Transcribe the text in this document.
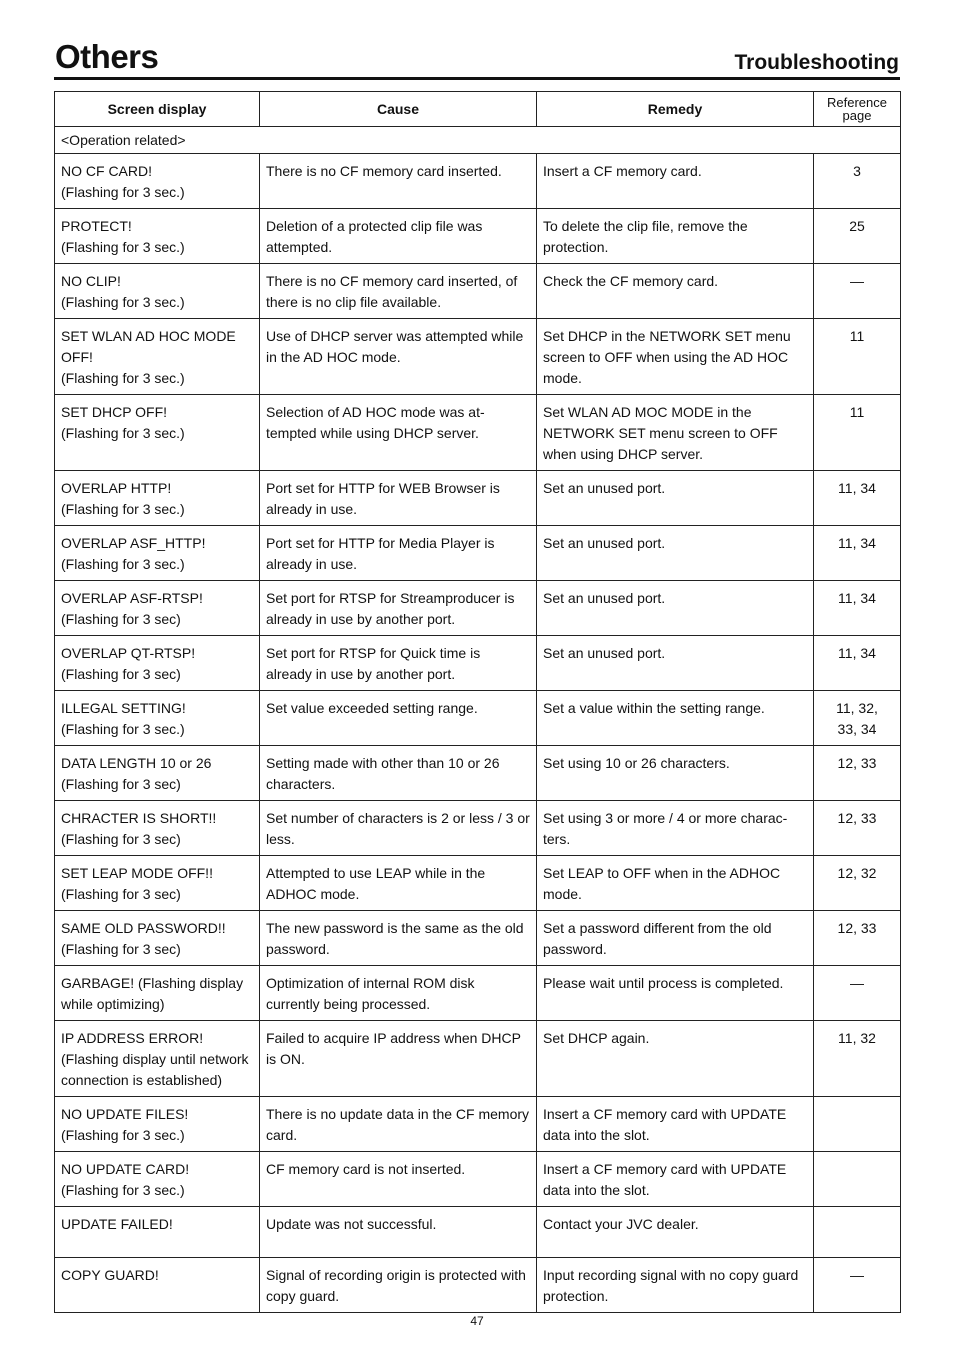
Others	Troubleshooting
Screen display	Cause	Remedy	Reference
page
<Operation related>			
NO CF CARD!
(Flashing for 3 sec.)	There is no CF memory card inserted.	Insert a CF memory card.	3
PROTECT!
(Flashing for 3 sec.)	Deletion of a protected clip file was attempted.	To delete the clip file, remove the protection.	25
NO CLIP!
(Flashing for 3 sec.)	There is no CF memory card inserted, of there is no clip file available.	Check the CF memory card.	—
SET WLAN AD HOC MODE OFF!
(Flashing for 3 sec.)	Use of DHCP server was attempted while in the AD HOC mode.	Set DHCP in the NETWORK SET menu screen to OFF when using the AD HOC mode.	11
SET DHCP OFF!
(Flashing for 3 sec.)	Selection of AD HOC mode was at-tempted while using DHCP server.	Set WLAN AD MOC MODE in the NETWORK SET menu screen to OFF when using DHCP server.	11
OVERLAP HTTP!
(Flashing for 3 sec.)	Port set for HTTP for WEB Browser is already in use.	Set an unused port.	11, 34
OVERLAP ASF_HTTP!
(Flashing for 3 sec.)	Port set for HTTP for Media Player is already in use.	Set an unused port.	11, 34
OVERLAP ASF-RTSP!
(Flashing for 3 sec)	Set port for RTSP for Streamproducer is already in use by another port.	Set an unused port.	11, 34
OVERLAP QT-RTSP!
(Flashing for 3 sec)	Set port for RTSP for Quick time is already in use by another port.	Set an unused port.	11, 34
ILLEGAL SETTING!
(Flashing for 3 sec.)	Set value exceeded setting range.	Set a value within the setting range.	11, 32,
33, 34
DATA LENGTH 10 or 26
(Flashing for 3 sec)	Setting made with other than 10 or 26 characters.	Set using 10 or 26 characters.	12, 33
CHRACTER IS SHORT!!
(Flashing for 3 sec)	Set number of characters is 2 or less / 3 or less.	Set using 3 or more / 4 or more charac-ters.	12, 33
SET LEAP MODE OFF!!
(Flashing for 3 sec)	Attempted to use LEAP while in the ADHOC mode.	Set LEAP to OFF when in the ADHOC mode.	12, 32
SAME OLD PASSWORD!!
(Flashing for 3 sec)	The new password is the same as the old password.	Set a password different from the old password.	12, 33
GARBAGE! (Flashing display while optimizing)	Optimization of internal ROM disk currently being processed.	Please wait until process is completed.	—
IP ADDRESS ERROR!
(Flashing display until network connection is established)	Failed to acquire IP address when DHCP is ON.	Set DHCP again.	11, 32
NO UPDATE FILES!
(Flashing for 3 sec.)	There is no update data in the CF memory card.	Insert a CF memory card with UPDATE data into the slot.	
NO UPDATE CARD!
(Flashing for 3 sec.)	CF memory card is not inserted.	Insert a CF memory card with UPDATE data into the slot.	
UPDATE FAILED!	Update was not successful.	Contact your JVC dealer.	
COPY GUARD!	Signal of recording origin is protected with copy guard.	Input recording signal with no copy guard protection.	—
47
